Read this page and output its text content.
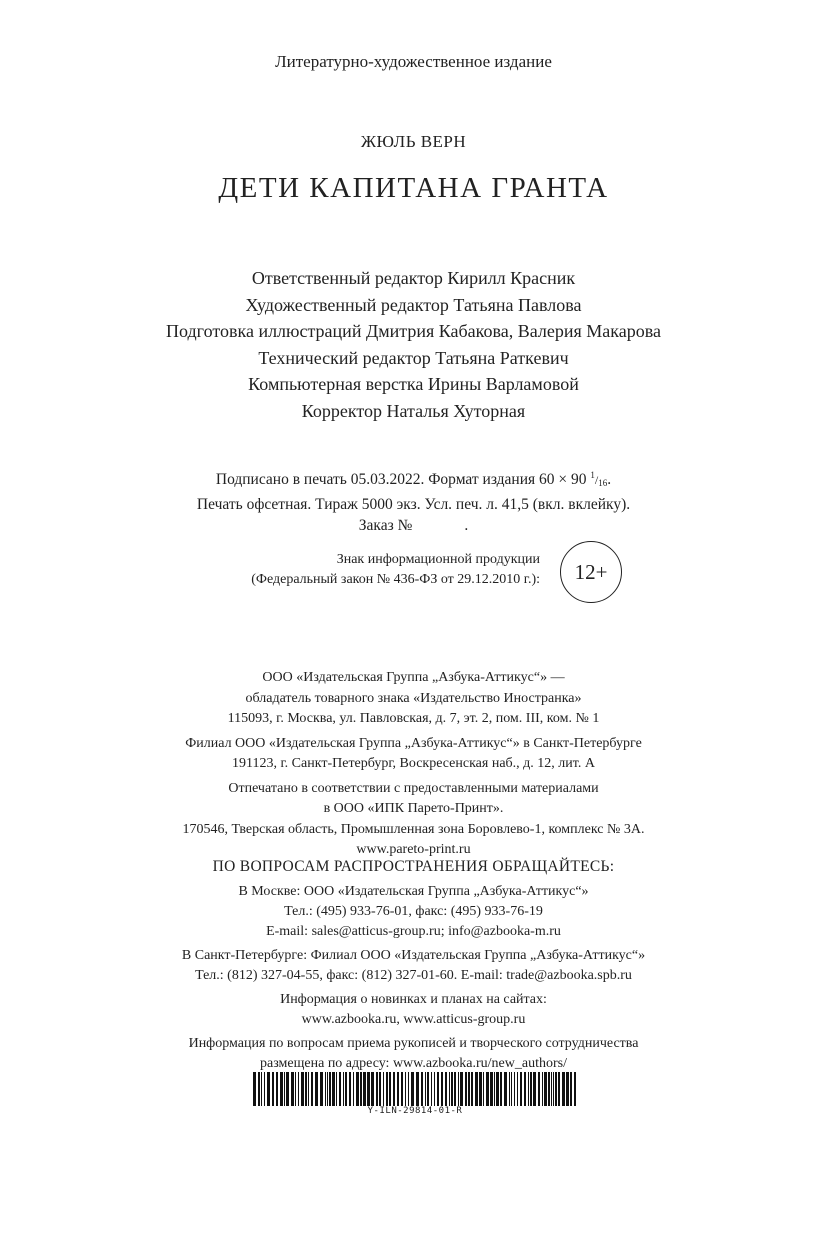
Литературно-художественное издание
ЖЮЛЬ ВЕРН
ДЕТИ КАПИТАНА ГРАНТА
Ответственный редактор Кирилл Красник
Художественный редактор Татьяна Павлова
Подготовка иллюстраций Дмитрия Кабакова, Валерия Макарова
Технический редактор Татьяна Раткевич
Компьютерная верстка Ирины Варламовой
Корректор Наталья Хуторная
Подписано в печать 05.03.2022. Формат издания 60 × 90 $^1/_{16}$.
Печать офсетная. Тираж 5000 экз. Усл. печ. л. 41,5 (вкл. вклейку).
Заказ №	.
Знак информационной продукции
(Федеральный закон № 436-ФЗ от 29.12.2010 г.): 12+
ООО «Издательская Группа „Азбука-Аттикус“» —
обладатель товарного знака «Издательство Иностранка»
115093, г. Москва, ул. Павловская, д. 7, эт. 2, пом. III, ком. № 1
Филиал ООО «Издательская Группа „Азбука-Аттикус“» в Санкт-Петербурге
191123, г. Санкт-Петербург, Воскресенская наб., д. 12, лит. А
Отпечатано в соответствии с предоставленными материалами
в ООО «ИПК Парето-Принт».
170546, Тверская область, Промышленная зона Боровлево-1, комплекс № 3А.
www.pareto-print.ru
ПО ВОПРОСАМ РАСПРОСТРАНЕНИЯ ОБРАЩАЙТЕСЬ:
В Москве: ООО «Издательская Группа „Азбука-Аттикус“»
Тел.: (495) 933-76-01, факс: (495) 933-76-19
E-mail: sales@atticus-group.ru; info@azbooka-m.ru
В Санкт-Петербурге: Филиал ООО «Издательская Группа „Азбука-Аттикус“»
Тел.: (812) 327-04-55, факс: (812) 327-01-60. E-mail: trade@azbooka.spb.ru
Информация о новинках и планах на сайтах:
www.azbooka.ru, www.atticus-group.ru
Информация по вопросам приема рукописей и творческого сотрудничества
размещена по адресу: www.azbooka.ru/new_authors/
Y-ILN-29814-01-R
